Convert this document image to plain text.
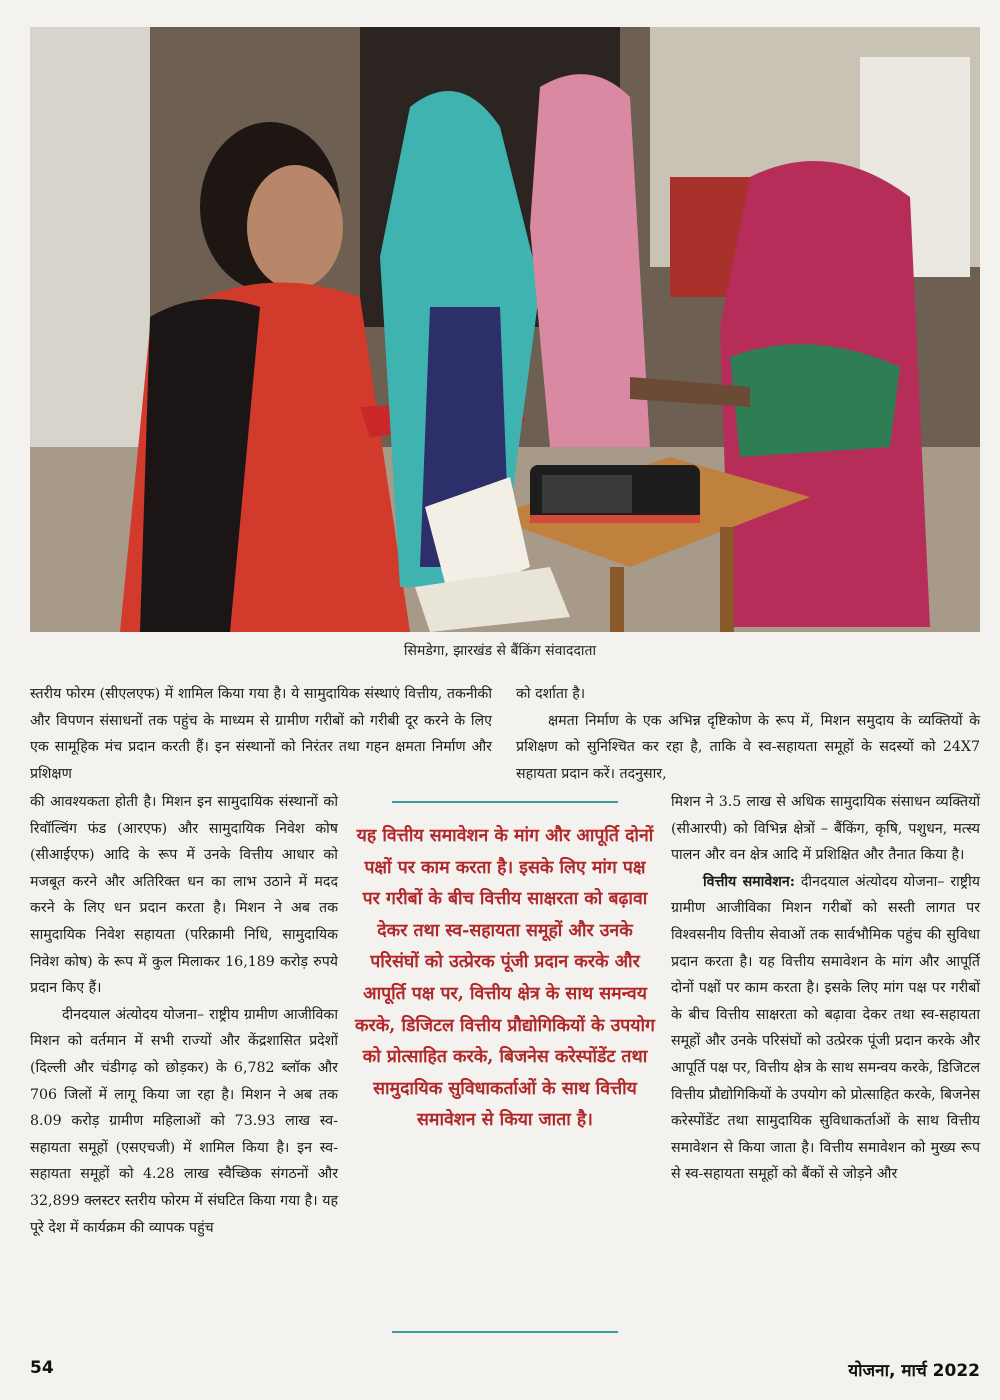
सिमडेगा, झारखंड से बैंकिंग संवाददाता

स्तरीय फोरम (सीएलएफ) में शामिल किया गया है। ये सामुदायिक संस्थाएं वित्तीय, तकनीकी और विपणन संसाधनों तक पहुंच के माध्यम से ग्रामीण गरीबों को गरीबी दूर करने के लिए एक सामूहिक मंच प्रदान करती हैं। इन संस्थानों को निरंतर तथा गहन क्षमता निर्माण और प्रशिक्षण

की आवश्यकता होती है। मिशन इन सामुदायिक संस्थानों को रिवॉल्विंग फंड (आरएफ) और सामुदायिक निवेश कोष (सीआईएफ) आदि के रूप में उनके वित्तीय आधार को मजबूत करने और अतिरिक्त धन का लाभ उठाने में मदद करने के लिए धन प्रदान करता है। मिशन ने अब तक सामुदायिक निवेश सहायता (परिक्रामी निधि, सामुदायिक निवेश कोष) के रूप में कुल मिलाकर 16,189 करोड़ रुपये प्रदान किए हैं।

दीनदयाल अंत्योदय योजना– राष्ट्रीय ग्रामीण आजीविका मिशन को वर्तमान में सभी राज्यों और केंद्रशासित प्रदेशों (दिल्ली और चंडीगढ़ को छोड़कर) के 6,782 ब्लॉक और 706 जिलों में लागू किया जा रहा है। मिशन ने अब तक 8.09 करोड़ ग्रामीण महिलाओं को 73.93 लाख स्व-सहायता समूहों (एसएचजी) में शामिल किया है। इन स्व-सहायता समूहों को 4.28 लाख स्वैच्छिक संगठनों और 32,899 क्लस्टर स्तरीय फोरम में संघटित किया गया है। यह पूरे देश में कार्यक्रम की व्यापक पहुंच

को दर्शाता है।

क्षमता निर्माण के एक अभिन्न दृष्टिकोण के रूप में, मिशन समुदाय के व्यक्तियों के प्रशिक्षण को सुनिश्चित कर रहा है, ताकि वे स्व-सहायता समूहों के सदस्यों को 24X7 सहायता प्रदान करें। तदनुसार,

मिशन ने 3.5 लाख से अधिक सामुदायिक संसाधन व्यक्तियों (सीआरपी) को विभिन्न क्षेत्रों – बैंकिंग, कृषि, पशुधन, मत्स्य पालन और वन क्षेत्र आदि में प्रशिक्षित और तैनात किया है।

वित्तीय समावेशन: दीनदयाल अंत्योदय योजना– राष्ट्रीय ग्रामीण आजीविका मिशन गरीबों को सस्ती लागत पर विश्वसनीय वित्तीय सेवाओं तक सार्वभौमिक पहुंच की सुविधा प्रदान करता है। यह वित्तीय समावेशन के मांग और आपूर्ति दोनों पक्षों पर काम करता है। इसके लिए मांग पक्ष पर गरीबों के बीच वित्तीय साक्षरता को बढ़ावा देकर तथा स्व-सहायता समूहों और उनके परिसंघों को उत्प्रेरक पूंजी प्रदान करके और आपूर्ति पक्ष पर, वित्तीय क्षेत्र के साथ समन्वय करके, डिजिटल वित्तीय प्रौद्योगिकियों के उपयोग को प्रोत्साहित करके, बिजनेस करेस्पोंडेंट तथा सामुदायिक सुविधाकर्ताओं के साथ वित्तीय समावेशन से किया जाता है। वित्तीय समावेशन को मुख्य रूप से स्व-सहायता समूहों को बैंकों से जोड़ने और

यह वित्तीय समावेशन के मांग और आपूर्ति दोनों पक्षों पर काम करता है। इसके लिए मांग पक्ष पर गरीबों के बीच वित्तीय साक्षरता को बढ़ावा देकर तथा स्व-सहायता समूहों और उनके परिसंघों को उत्प्रेरक पूंजी प्रदान करके और आपूर्ति पक्ष पर, वित्तीय क्षेत्र के साथ समन्वय करके, डिजिटल वित्तीय प्रौद्योगिकियों के उपयोग को प्रोत्साहित करके, बिजनेस करेस्पोंडेंट तथा सामुदायिक सुविधाकर्ताओं के साथ वित्तीय समावेशन से किया जाता है।

54	योजना, मार्च 2022
